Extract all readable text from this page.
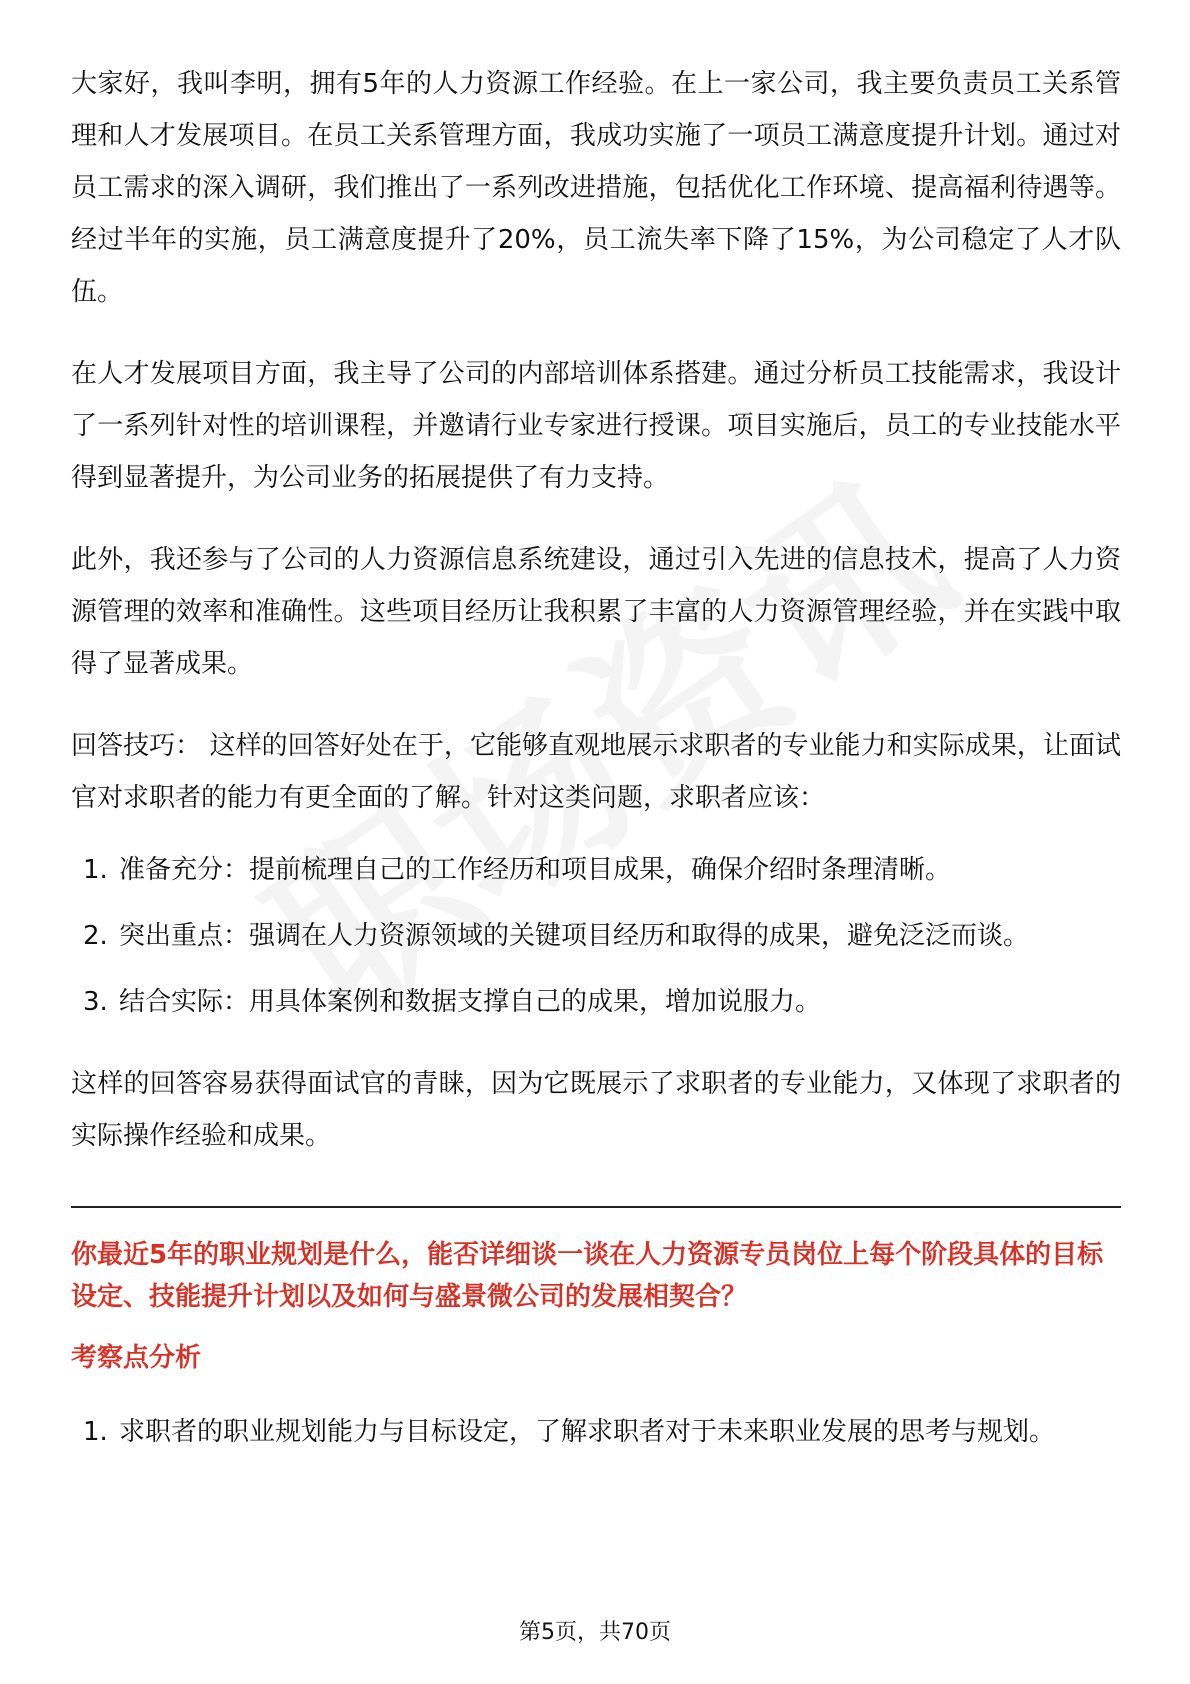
大家好，我叫李明，拥有5年的人力资源工作经验。在上一家公司，我主要负责员工关系管理和人才发展项目。在员工关系管理方面，我成功实施了一项员工满意度提升计划。通过对员工需求的深入调研，我们推出了一系列改进措施，包括优化工作环境、提高福利待遇等。经过半年的实施，员工满意度提升了20%，员工流失率下降了15%，为公司稳定了人才队伍。

在人才发展项目方面，我主导了公司的内部培训体系搭建。通过分析员工技能需求，我设计了一系列针对性的培训课程，并邀请行业专家进行授课。项目实施后，员工的专业技能水平得到显著提升，为公司业务的拓展提供了有力支持。

此外，我还参与了公司的人力资源信息系统建设，通过引入先进的信息技术，提高了人力资源管理的效率和准确性。这些项目经历让我积累了丰富的人力资源管理经验，并在实践中取得了显著成果。

回答技巧： 这样的回答好处在于，它能够直观地展示求职者的专业能力和实际成果，让面试官对求职者的能力有更全面的了解。针对这类问题，求职者应该：

1. 准备充分：提前梳理自己的工作经历和项目成果，确保介绍时条理清晰。
2. 突出重点：强调在人力资源领域的关键项目经历和取得的成果，避免泛泛而谈。
3. 结合实际：用具体案例和数据支撑自己的成果，增加说服力。

这样的回答容易获得面试官的青睐，因为它既展示了求职者的专业能力，又体现了求职者的实际操作经验和成果。

你最近5年的职业规划是什么，能否详细谈一谈在人力资源专员岗位上每个阶段具体的目标设定、技能提升计划以及如何与盛景微公司的发展相契合？

考察点分析

1. 求职者的职业规划能力与目标设定，了解求职者对于未来职业发展的思考与规划。
第5页，共70页
